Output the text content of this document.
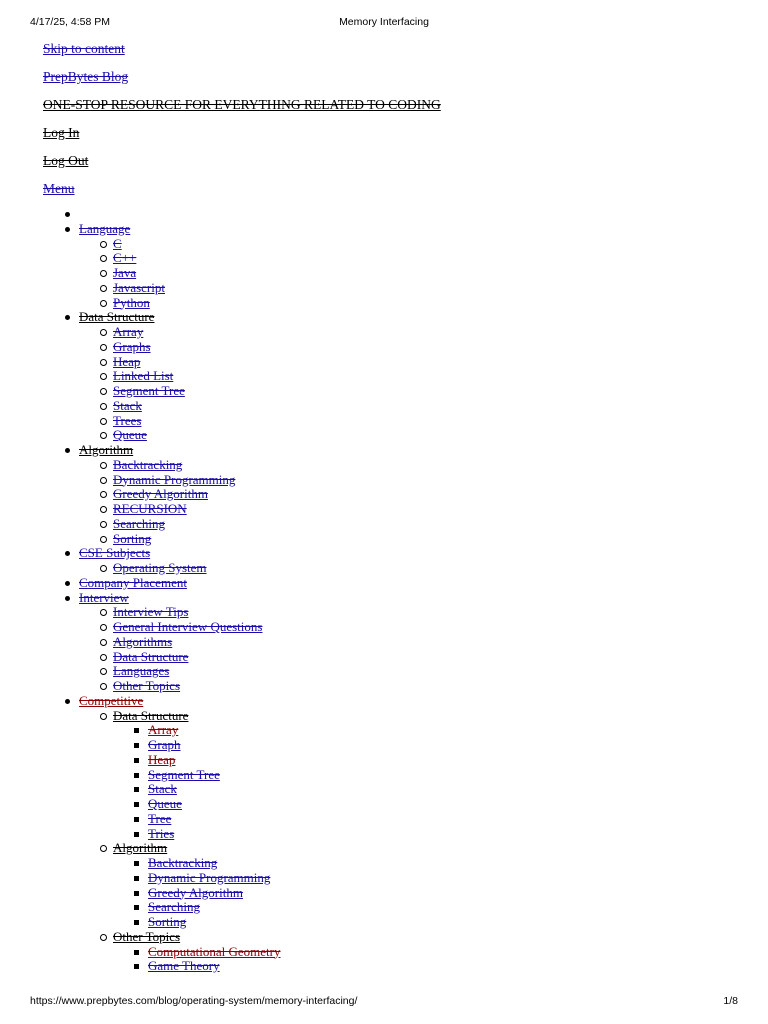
4/17/25, 4:58 PM	Memory Interfacing
Skip to content
PrepBytes Blog
ONE-STOP RESOURCE FOR EVERYTHING RELATED TO CODING
Log In
Log Out
Menu

Language
C
C++
Java
Javascript
Python
Data Structure
Array
Graphs
Heap
Linked List
Segment Tree
Stack
Trees
Queue
Algorithm
Backtracking
Dynamic Programming
Greedy Algorithm
RECURSION
Searching
Sorting
CSE Subjects
Operating System
Company Placement
Interview
Interview Tips
General Interview Questions
Algorithms
Data Structure
Languages
Other Topics
Competitive
Data Structure
Array
Graph
Heap
Segment Tree
Stack
Queue
Tree
Tries
Algorithm
Backtracking
Dynamic Programming
Greedy Algorithm
Searching
Sorting
Other Topics
Computational Geometry
Game Theory
https://www.prepbytes.com/blog/operating-system/memory-interfacing/	1/8
